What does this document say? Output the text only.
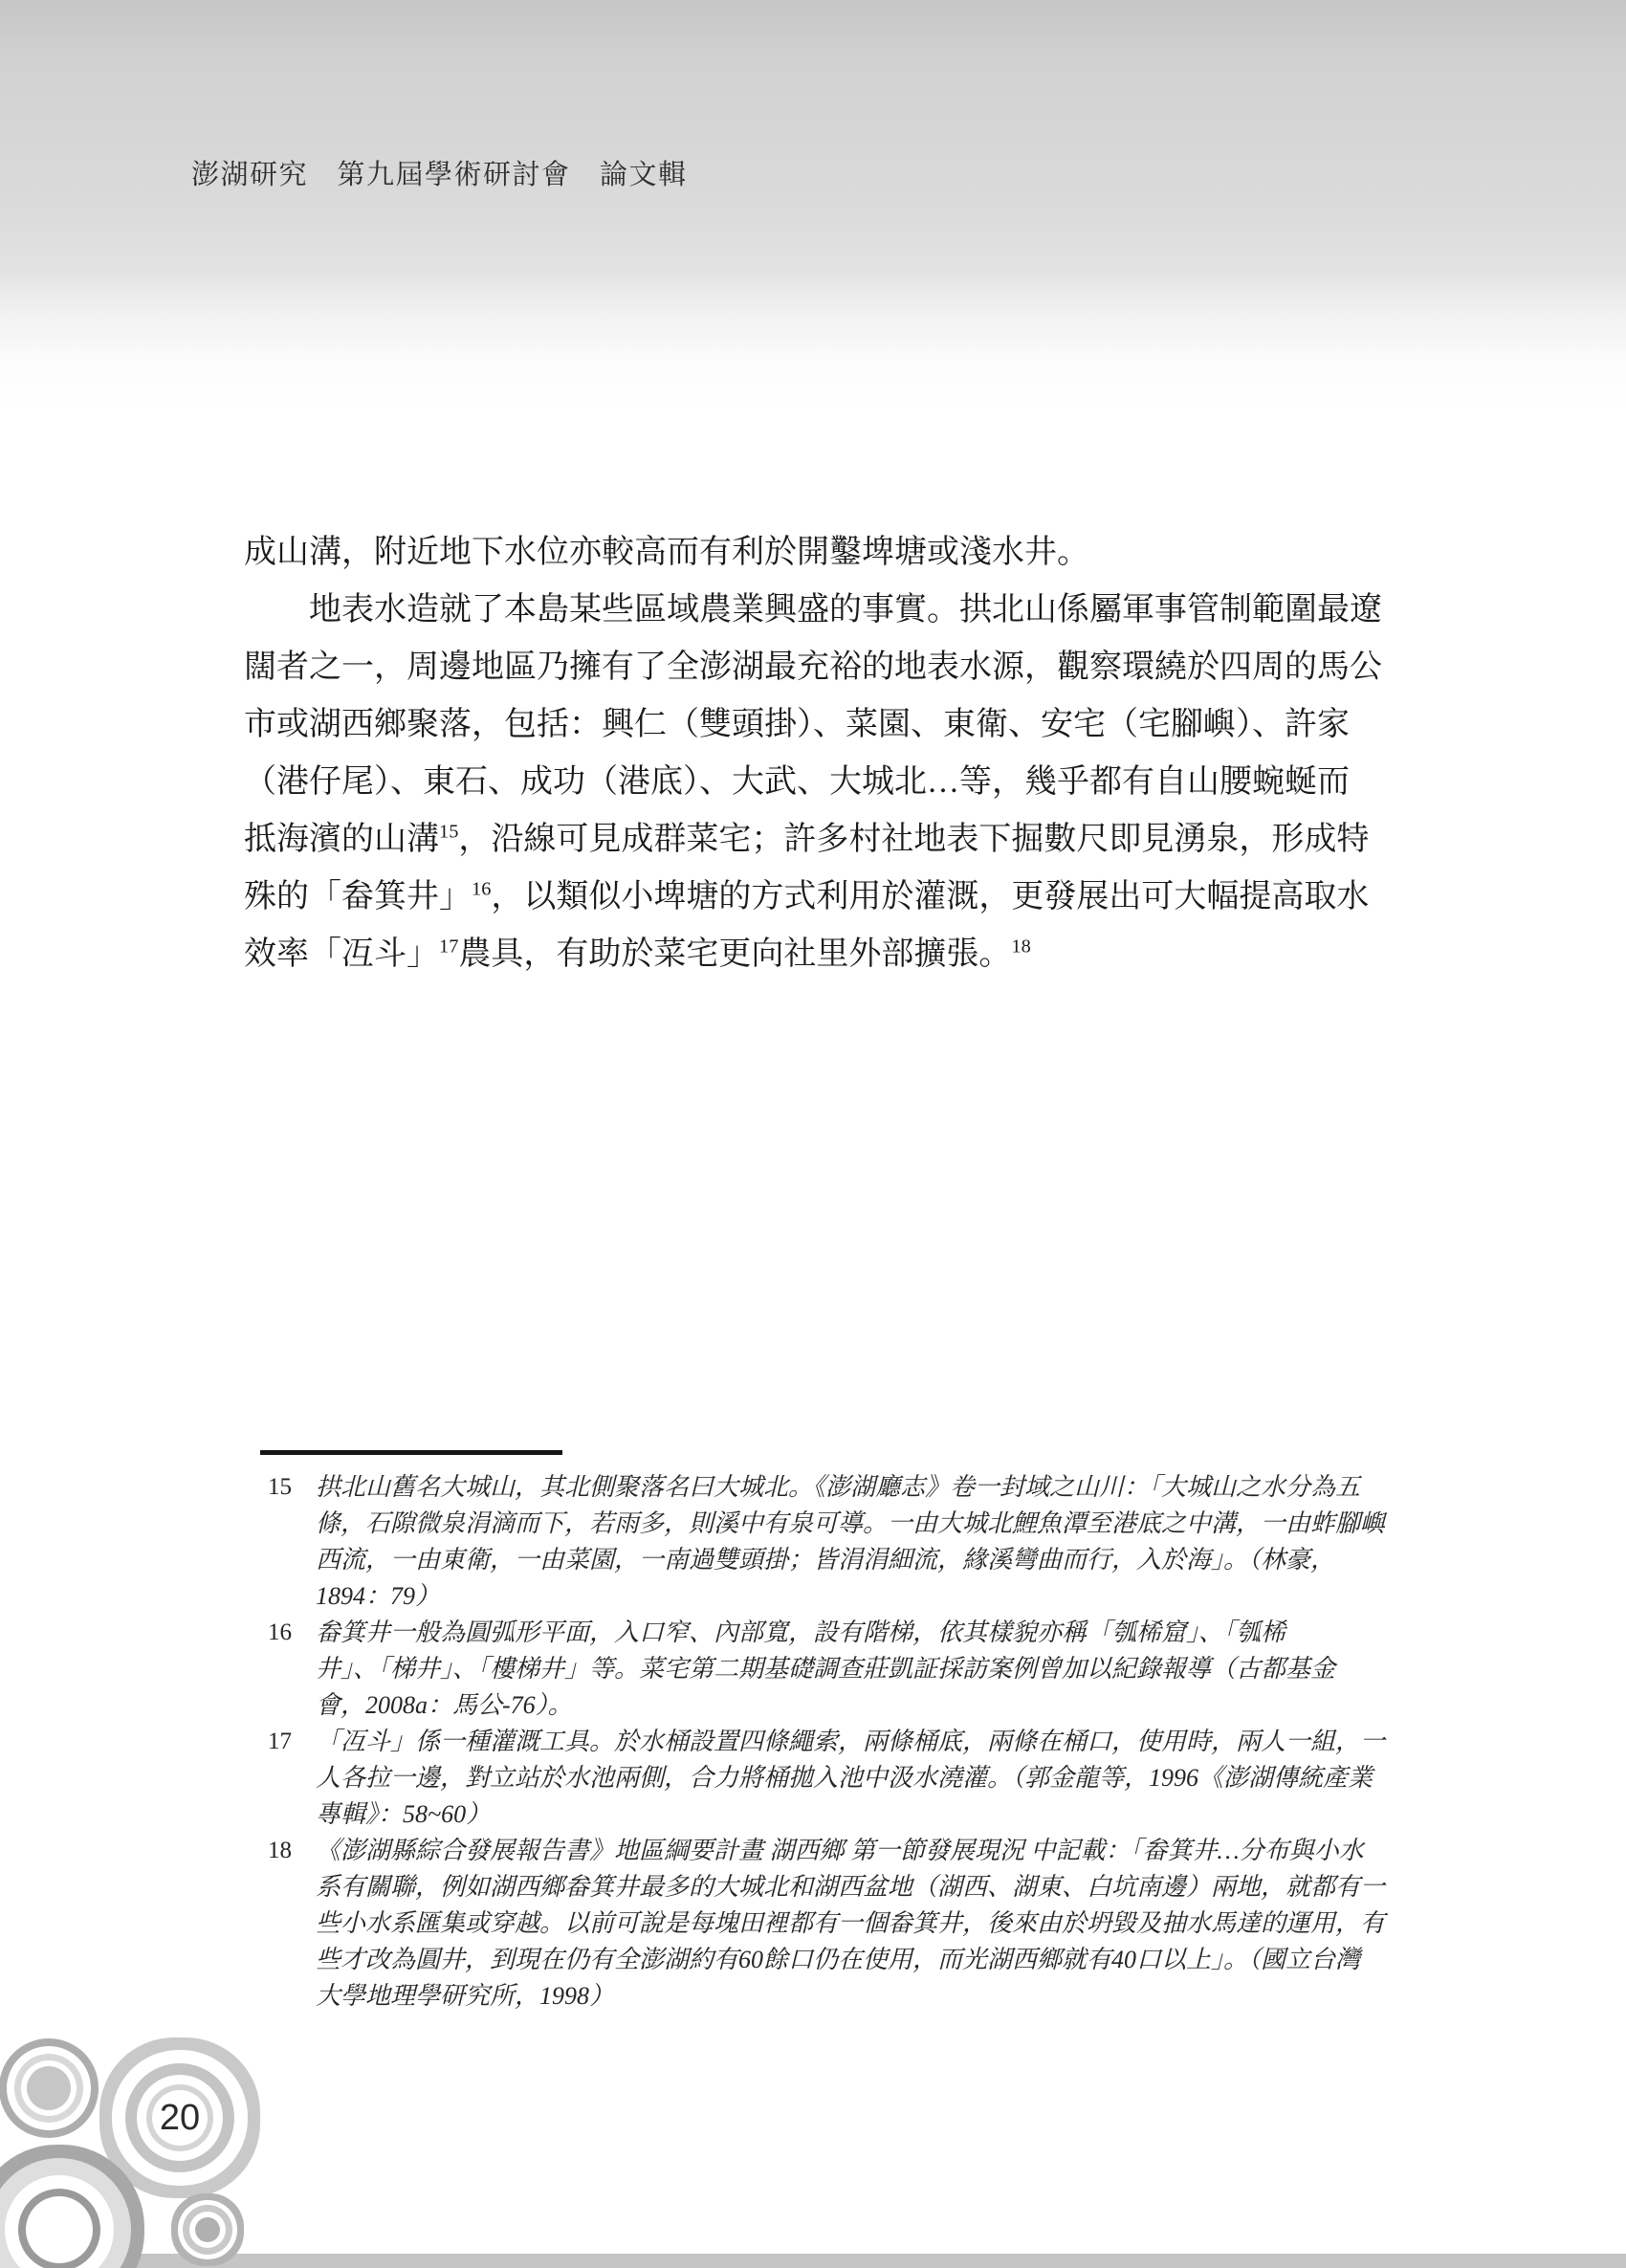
澎湖研究　第九屆學術研討會　論文輯
成山溝，附近地下水位亦較高而有利於開鑿埤塘或淺水井。
地表水造就了本島某些區域農業興盛的事實。拱北山係屬軍事管制範圍最遼
闊者之一，周邊地區乃擁有了全澎湖最充裕的地表水源，觀察環繞於四周的馬公
市或湖西鄉聚落，包括：興仁（雙頭掛）、菜園、東衛、安宅（宅腳嶼）、許家
（港仔尾）、東石、成功（港底）、大武、大城北…等，幾乎都有自山腰蜿蜒而
抵海濱的山溝$^{15}$，沿線可見成群菜宅；許多村社地表下掘數尺即見湧泉，形成特
殊的「畚箕井」$^{16}$，以類似小埤塘的方式利用於灌溉，更發展出可大幅提高取水
效率「冱斗」$^{17}$農具，有助於菜宅更向社里外部擴張。$^{18}$
15 拱北山舊名大城山，其北側聚落名曰大城北。《澎湖廳志》卷一封域之山川：「大城山之水分為五
條，石隙微泉涓滴而下，若雨多，則溪中有泉可導。一由大城北鯉魚潭至港底之中溝，一由蚱腳嶼
西流，一由東衛，一由菜園，一南過雙頭掛；皆涓涓細流，緣溪彎曲而行，入於海」。（林豪，
1894：79）
16 畚箕井一般為圓弧形平面，入口窄、內部寬，設有階梯，依其樣貌亦稱「瓠桸窟」、「瓠桸
井」、「梯井」、「樓梯井」等。菜宅第二期基礎調查莊凱証採訪案例曾加以紀錄報導（古都基金
會，2008a：馬公-76）。
17 「冱斗」係一種灌溉工具。於水桶設置四條繩索，兩條桶底，兩條在桶口，使用時，兩人一組，一
人各拉一邊，對立站於水池兩側，合力將桶拋入池中汲水澆灌。（郭金龍等，1996《澎湖傳統產業
專輯》：58~60）
18 《澎湖縣綜合發展報告書》地區綱要計畫 湖西鄉 第一節發展現況 中記載：「畚箕井…分布與小水
系有關聯，例如湖西鄉畚箕井最多的大城北和湖西盆地（湖西、湖東、白坑南邊）兩地，就都有一
些小水系匯集或穿越。以前可說是每塊田裡都有一個畚箕井，後來由於坍毀及抽水馬達的運用，有
些才改為圓井，到現在仍有全澎湖約有60餘口仍在使用，而光湖西鄉就有40口以上」。（國立台灣
大學地理學研究所，1998）
20
